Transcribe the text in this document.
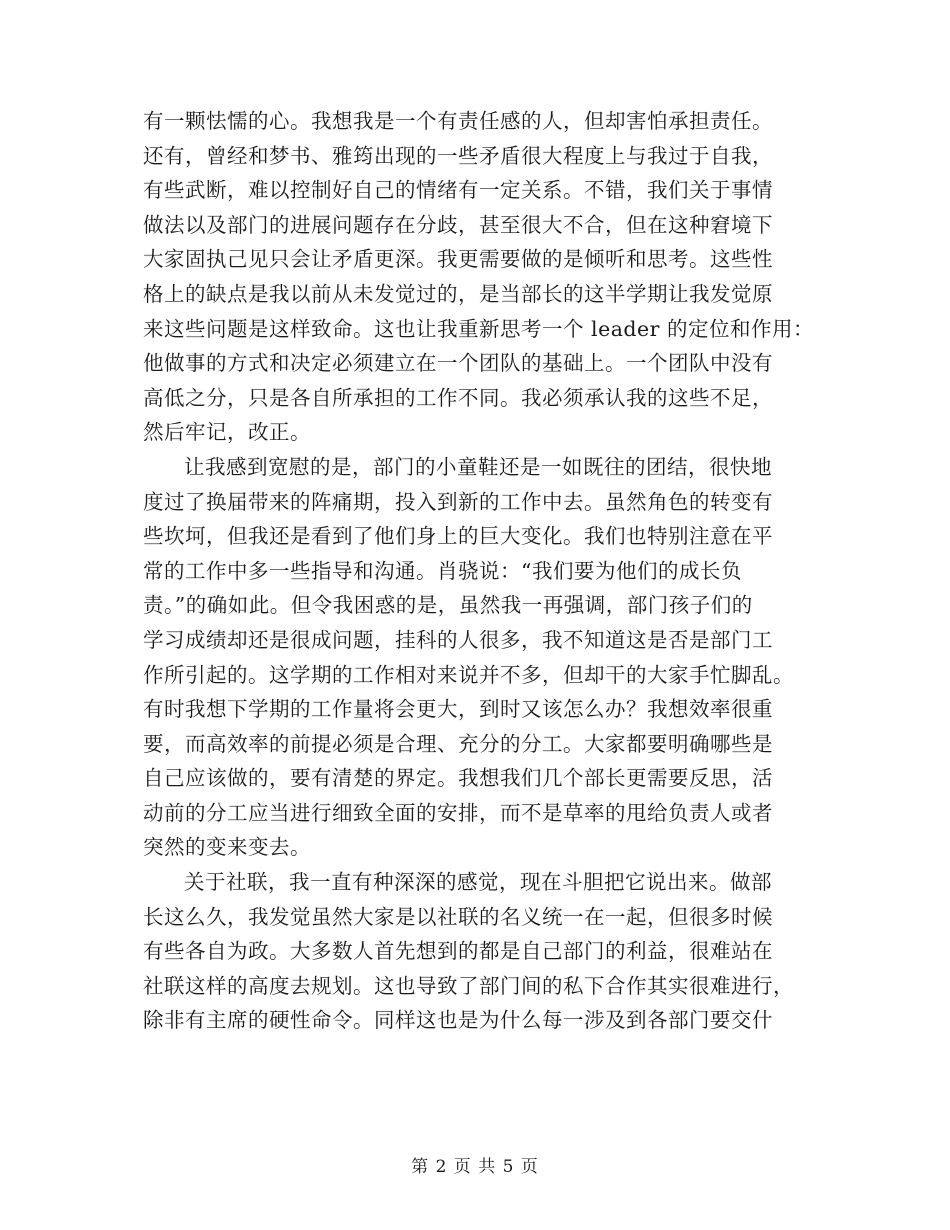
有一颗怯懦的心。我想我是一个有责任感的人，但却害怕承担责任。
还有，曾经和梦书、雅筠出现的一些矛盾很大程度上与我过于自我，
有些武断，难以控制好自己的情绪有一定关系。不错，我们关于事情
做法以及部门的进展问题存在分歧，甚至很大不合，但在这种窘境下
大家固执己见只会让矛盾更深。我更需要做的是倾听和思考。这些性
格上的缺点是我以前从未发觉过的，是当部长的这半学期让我发觉原
来这些问题是这样致命。这也让我重新思考一个 leader 的定位和作用：
他做事的方式和决定必须建立在一个团队的基础上。一个团队中没有
高低之分，只是各自所承担的工作不同。我必须承认我的这些不足，
然后牢记，改正。
让我感到宽慰的是，部门的小童鞋还是一如既往的团结，很快地
度过了换届带来的阵痛期，投入到新的工作中去。虽然角色的转变有
些坎坷，但我还是看到了他们身上的巨大变化。我们也特别注意在平
常的工作中多一些指导和沟通。肖骁说：“我们要为他们的成长负
责。”的确如此。但令我困惑的是，虽然我一再强调，部门孩子们的
学习成绩却还是很成问题，挂科的人很多，我不知道这是否是部门工
作所引起的。这学期的工作相对来说并不多，但却干的大家手忙脚乱。
有时我想下学期的工作量将会更大，到时又该怎么办？我想效率很重
要，而高效率的前提必须是合理、充分的分工。大家都要明确哪些是
自己应该做的，要有清楚的界定。我想我们几个部长更需要反思，活
动前的分工应当进行细致全面的安排，而不是草率的甩给负责人或者
突然的变来变去。
关于社联，我一直有种深深的感觉，现在斗胆把它说出来。做部
长这么久，我发觉虽然大家是以社联的名义统一在一起，但很多时候
有些各自为政。大多数人首先想到的都是自己部门的利益，很难站在
社联这样的高度去规划。这也导致了部门间的私下合作其实很难进行，
除非有主席的硬性命令。同样这也是为什么每一涉及到各部门要交什
第 2 页 共 5 页
